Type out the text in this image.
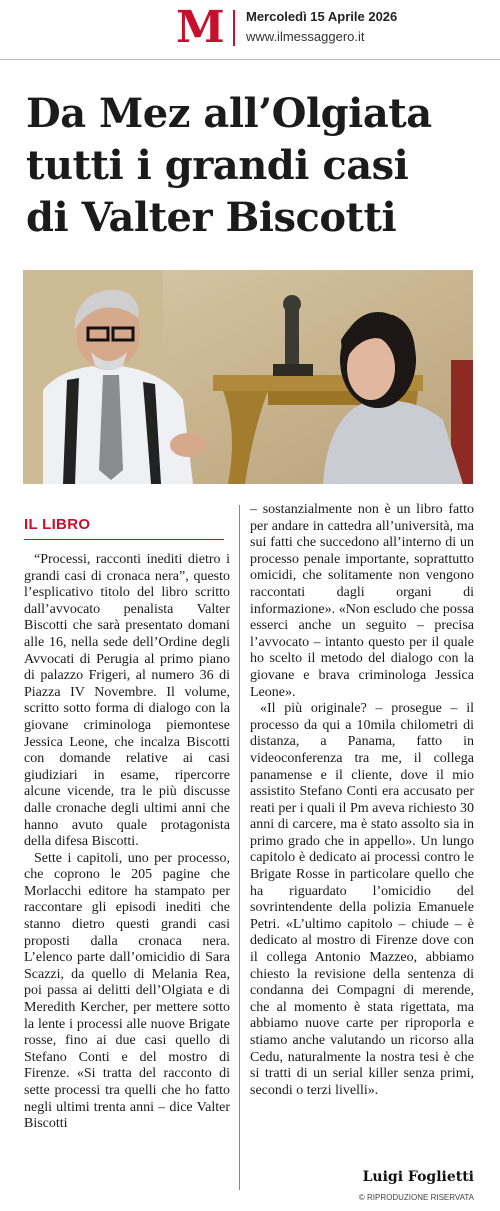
M Mercoledì 15 Aprile 2026
www.ilmessaggero.it
Da Mez all’Olgiata
tutti i grandi casi
di Valter Biscotti
IL LIBRO

“Processi, racconti inediti dietro i grandi casi di cronaca nera”, questo l’esplicativo titolo del libro scritto dall’avvocato penalista Valter Biscotti che sarà presentato domani alle 16, nella sede dell’Ordine degli Avvocati di Perugia al primo piano di palazzo Frigeri, al numero 36 di Piazza IV Novembre. Il volume, scritto sotto forma di dialogo con la giovane criminologa piemontese Jessica Leone, che incalza Biscotti con domande relative ai casi giudiziari in esame, ripercorre alcune vicende, tra le più discusse dalle cronache degli ultimi anni che hanno avuto quale protagonista della difesa Biscotti.

Sette i capitoli, uno per processo, che coprono le 205 pagine che Morlacchi editore ha stampato per raccontare gli episodi inediti che stanno dietro questi grandi casi proposti dalla cronaca nera. L’elenco parte dall’omicidio di Sara Scazzi, da quello di Melania Rea, poi passa ai delitti dell’Olgiata e di Meredith Kercher, per mettere sotto la lente i processi alle nuove Brigate rosse, fino ai due casi quello di Stefano Conti e del mostro di Firenze. «Si tratta del racconto di sette processi tra quelli che ho fatto negli ultimi trenta anni – dice Valter Biscotti

– sostanzialmente non è un libro fatto per andare in cattedra all’università, ma sui fatti che succedono all’interno di un processo penale importante, soprattutto omicidi, che solitamente non vengono raccontati dagli organi di informazione». «Non escludo che possa esserci anche un seguito – precisa l’avvocato – intanto questo per il quale ho scelto il metodo del dialogo con la giovane e brava criminologa Jessica Leone».

«Il più originale? – prosegue – il processo da qui a 10mila chilometri di distanza, a Panama, fatto in videoconferenza tra me, il collega panamense e il cliente, dove il mio assistito Stefano Conti era accusato per reati per i quali il Pm aveva richiesto 30 anni di carcere, ma è stato assolto sia in primo grado che in appello». Un lungo capitolo è dedicato ai processi contro le Brigate Rosse in particolare quello che ha riguardato l’omicidio del sovrintendente della polizia Emanuele Petri. «L’ultimo capitolo – chiude – è dedicato al mostro di Firenze dove con il collega Antonio Mazzeo, abbiamo chiesto la revisione della sentenza di condanna dei Compagni di merende, che al momento è stata rigettata, ma abbiamo nuove carte per riproporla e stiamo anche valutando un ricorso alla Cedu, naturalmente la nostra tesi è che si tratti di un serial killer senza primi, secondi o terzi livelli».

Luigi Foglietti
© RIPRODUZIONE RISERVATA
